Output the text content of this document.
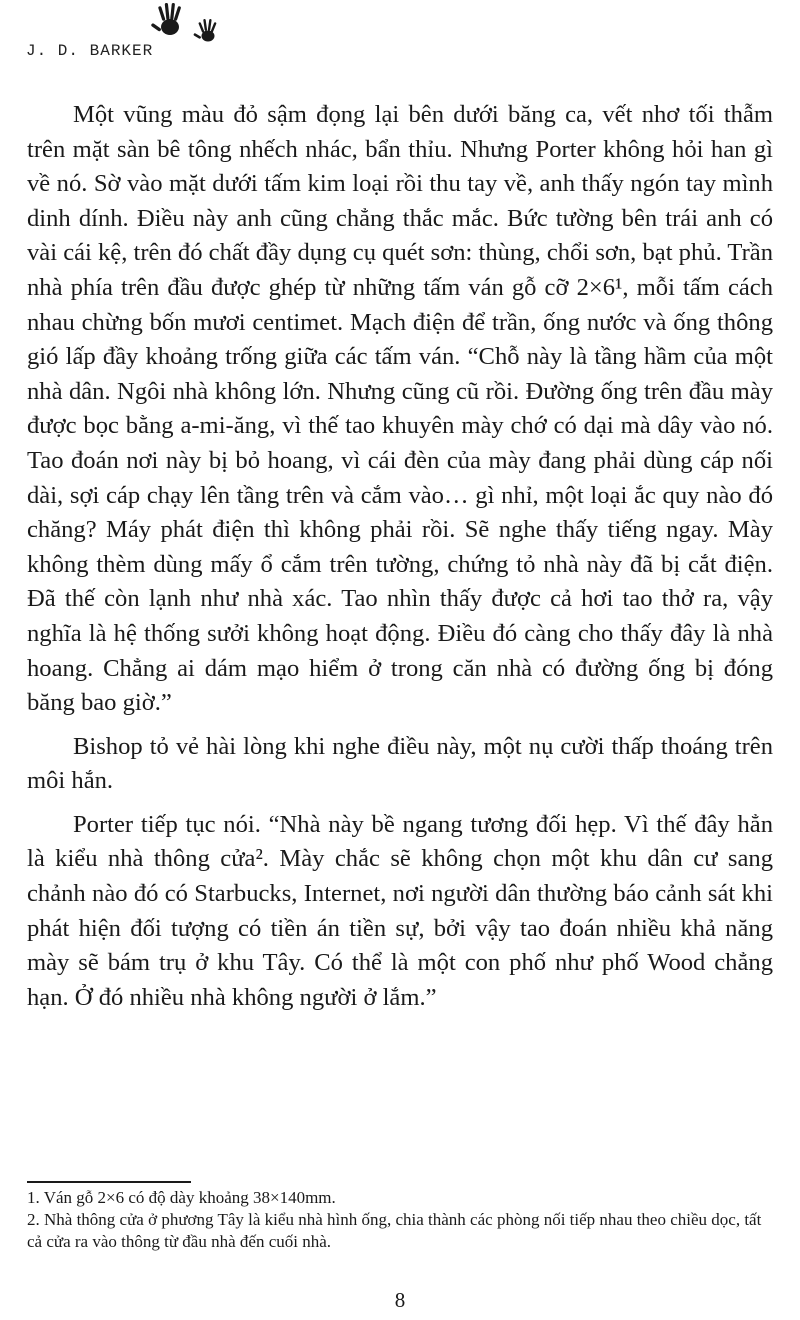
J. D. BARKER

Một vũng màu đỏ sậm đọng lại bên dưới băng ca, vết nhơ tối thẫm trên mặt sàn bê tông nhếch nhác, bẩn thỉu. Nhưng Porter không hỏi han gì về nó. Sờ vào mặt dưới tấm kim loại rồi thu tay về, anh thấy ngón tay mình dinh dính. Điều này anh cũng chẳng thắc mắc. Bức tường bên trái anh có vài cái kệ, trên đó chất đầy dụng cụ quét sơn: thùng, chổi sơn, bạt phủ. Trần nhà phía trên đầu được ghép từ những tấm ván gỗ cỡ 2×6¹, mỗi tấm cách nhau chừng bốn mươi centimet. Mạch điện để trần, ống nước và ống thông gió lấp đầy khoảng trống giữa các tấm ván. “Chỗ này là tầng hầm của một nhà dân. Ngôi nhà không lớn. Nhưng cũng cũ rồi. Đường ống trên đầu mày được bọc bằng a-mi-ăng, vì thế tao khuyên mày chớ có dại mà dây vào nó. Tao đoán nơi này bị bỏ hoang, vì cái đèn của mày đang phải dùng cáp nối dài, sợi cáp chạy lên tầng trên và cắm vào… gì nhỉ, một loại ắc quy nào đó chăng? Máy phát điện thì không phải rồi. Sẽ nghe thấy tiếng ngay. Mày không thèm dùng mấy ổ cắm trên tường, chứng tỏ nhà này đã bị cắt điện. Đã thế còn lạnh như nhà xác. Tao nhìn thấy được cả hơi tao thở ra, vậy nghĩa là hệ thống sưởi không hoạt động. Điều đó càng cho thấy đây là nhà hoang. Chẳng ai dám mạo hiểm ở trong căn nhà có đường ống bị đóng băng bao giờ.”

Bishop tỏ vẻ hài lòng khi nghe điều này, một nụ cười thấp thoáng trên môi hắn.

Porter tiếp tục nói. “Nhà này bề ngang tương đối hẹp. Vì thế đây hẳn là kiểu nhà thông cửa². Mày chắc sẽ không chọn một khu dân cư sang chảnh nào đó có Starbucks, Internet, nơi người dân thường báo cảnh sát khi phát hiện đối tượng có tiền án tiền sự, bởi vậy tao đoán nhiều khả năng mày sẽ bám trụ ở khu Tây. Có thể là một con phố như phố Wood chẳng hạn. Ở đó nhiều nhà không người ở lắm.”

1. Ván gỗ 2×6 có độ dày khoảng 38×140mm.
2. Nhà thông cửa ở phương Tây là kiểu nhà hình ống, chia thành các phòng nối tiếp nhau theo chiều dọc, tất cả cửa ra vào thông từ đầu nhà đến cuối nhà.
8
